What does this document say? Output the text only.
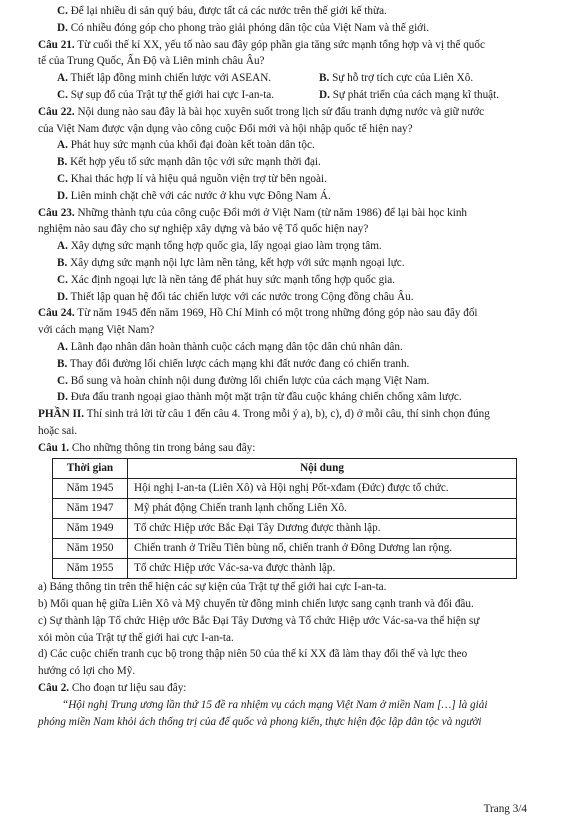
C. Để lại nhiều di sản quý báu, được tất cả các nước trên thế giới kế thừa.

D. Có nhiều đóng góp cho phong trào giải phóng dân tộc của Việt Nam và thế giới.

Câu 21. Từ cuối thế kỉ XX, yếu tố nào sau đây góp phần gia tăng sức mạnh tổng hợp và vị thế quốc
tế của Trung Quốc, Ấn Độ và Liên minh châu Âu?

A. Thiết lập đồng minh chiến lược với ASEAN.	B. Sự hỗ trợ tích cực của Liên Xô.
C. Sự sụp đổ của Trật tự thế giới hai cực I-an-ta.	D. Sự phát triển của cách mạng kĩ thuật.

Câu 22. Nội dung nào sau đây là bài học xuyên suốt trong lịch sử đấu tranh dựng nước và giữ nước
của Việt Nam được vận dụng vào công cuộc Đổi mới và hội nhập quốc tế hiện nay?

A. Phát huy sức mạnh của khối đại đoàn kết toàn dân tộc.

B. Kết hợp yếu tố sức mạnh dân tộc với sức mạnh thời đại.

C. Khai thác hợp lí và hiệu quả nguồn viện trợ từ bên ngoài.

D. Liên minh chặt chẽ với các nước ở khu vực Đông Nam Á.

Câu 23. Những thành tựu của công cuộc Đổi mới ở Việt Nam (từ năm 1986) để lại bài học kinh
nghiệm nào sau đây cho sự nghiệp xây dựng và bảo vệ Tổ quốc hiện nay?

A. Xây dựng sức mạnh tổng hợp quốc gia, lấy ngoại giao làm trọng tâm.

B. Xây dựng sức mạnh nội lực làm nền tảng, kết hợp với sức mạnh ngoại lực.

C. Xác định ngoại lực là nền tảng để phát huy sức mạnh tổng hợp quốc gia.

D. Thiết lập quan hệ đối tác chiến lược với các nước trong Cộng đồng châu Âu.

Câu 24. Từ năm 1945 đến năm 1969, Hồ Chí Minh có một trong những đóng góp nào sau đây đối
với cách mạng Việt Nam?

A. Lãnh đạo nhân dân hoàn thành cuộc cách mạng dân tộc dân chủ nhân dân.

B. Thay đổi đường lối chiến lược cách mạng khi đất nước đang có chiến tranh.

C. Bổ sung và hoàn chỉnh nội dung đường lối chiến lược của cách mạng Việt Nam.

D. Đưa đấu tranh ngoại giao thành một mặt trận từ đầu cuộc kháng chiến chống xâm lược.

PHẦN II. Thí sinh trả lời từ câu 1 đến câu 4. Trong mỗi ý a), b), c), d) ở mỗi câu, thí sinh chọn đúng
hoặc sai.

Câu 1. Cho những thông tin trong bảng sau đây:

Thời gian	Nội dung
Năm 1945	Hội nghị I-an-ta (Liên Xô) và Hội nghị Pốt-xđam (Đức) được tổ chức.
Năm 1947	Mỹ phát động Chiến tranh lạnh chống Liên Xô.
Năm 1949	Tổ chức Hiệp ước Bắc Đại Tây Dương được thành lập.
Năm 1950	Chiến tranh ở Triều Tiên bùng nổ, chiến tranh ở Đông Dương lan rộng.
Năm 1955	Tổ chức Hiệp ước Vác-sa-va được thành lập.

a) Bảng thông tin trên thể hiện các sự kiện của Trật tự thế giới hai cực I-an-ta.

b) Mối quan hệ giữa Liên Xô và Mỹ chuyển từ đồng minh chiến lược sang cạnh tranh và đối đầu.

c) Sự thành lập Tổ chức Hiệp ước Bắc Đại Tây Dương và Tổ chức Hiệp ước Vác-sa-va thể hiện sự
xói mòn của Trật tự thế giới hai cực I-an-ta.

d) Các cuộc chiến tranh cục bộ trong thập niên 50 của thế kỉ XX đã làm thay đổi thế và lực theo
hướng có lợi cho Mỹ.

Câu 2. Cho đoạn tư liệu sau đây:

“Hội nghị Trung ương lần thứ 15 đề ra nhiệm vụ cách mạng Việt Nam ở miền Nam […] là giải
phóng miền Nam khỏi ách thống trị của đế quốc và phong kiến, thực hiện độc lập dân tộc và người

Trang 3/4
